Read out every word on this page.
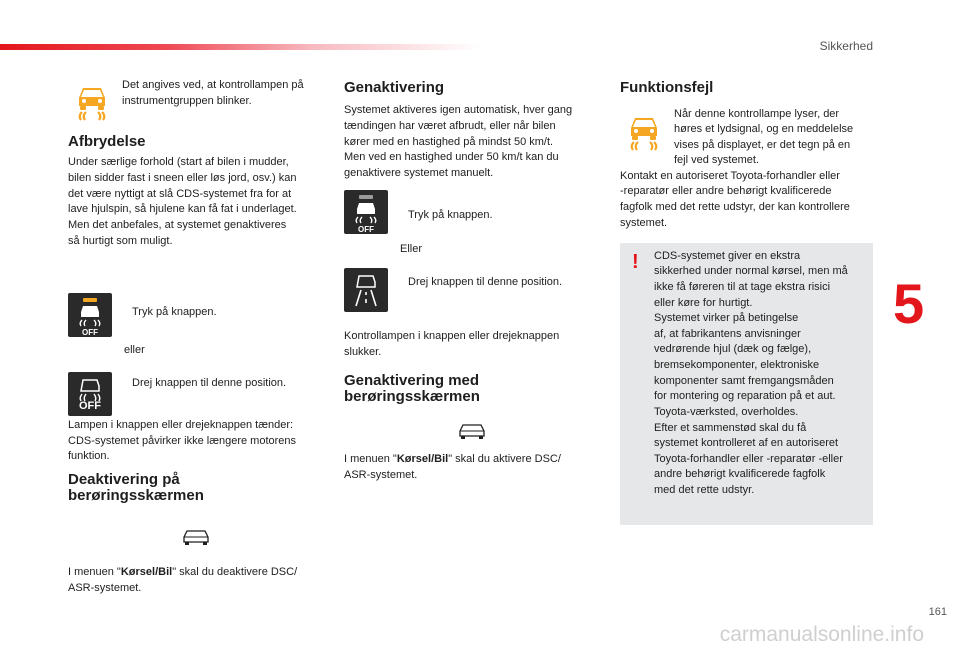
Sikkerhed
5
161
carmanualsonline.info
Det angives ved, at kontrollampen på
instrumentgruppen blinker.
Afbrydelse
Under særlige forhold (start af bilen i mudder,
bilen sidder fast i sneen eller løs jord, osv.) kan
det være nyttigt at slå CDS-systemet fra for at
lave hjulspin, så hjulene kan få fat i underlaget.
Men det anbefales, at systemet genaktiveres
så hurtigt som muligt.
OFF
Tryk på knappen.
eller
OFF
Drej knappen til denne position.
Lampen i knappen eller drejeknappen tænder:
CDS-systemet påvirker ikke længere motorens
funktion.
Deaktivering på
berøringsskærmen
I menuen "Kørsel/Bil" skal du deaktivere DSC/
ASR-systemet.
Genaktivering
Systemet aktiveres igen automatisk, hver gang
tændingen har været afbrudt, eller når bilen
kører med en hastighed på mindst 50 km/t.
Men ved en hastighed under 50 km/t kan du
genaktivere systemet manuelt.
OFF
Tryk på knappen.
Eller
Drej knappen til denne position.
Kontrollampen i knappen eller drejeknappen
slukker.
Genaktivering med
berøringsskærmen
I menuen "Kørsel/Bil" skal du aktivere DSC/
ASR-systemet.
Funktionsfejl
Når denne kontrollampe lyser, der
høres et lydsignal, og en meddelelse
vises på displayet, er det tegn på en
fejl ved systemet.
Kontakt en autoriseret Toyota-forhandler eller
-reparatør eller andre behørigt kvalificerede
fagfolk med det rette udstyr, der kan kontrollere
systemet.
! CDS-systemet giver en ekstra
sikkerhed under normal kørsel, men må
ikke få føreren til at tage ekstra risici
eller køre for hurtigt.
Systemet virker på betingelse
af, at fabrikantens anvisninger
vedrørende hjul (dæk og fælge),
bremsekomponenter, elektroniske
komponenter samt fremgangsmåden
for montering og reparation på et aut.
Toyota-værksted, overholdes.
Efter et sammenstød skal du få
systemet kontrolleret af en autoriseret
Toyota-forhandler eller -reparatør -eller
andre behørigt kvalificerede fagfolk
med det rette udstyr.
